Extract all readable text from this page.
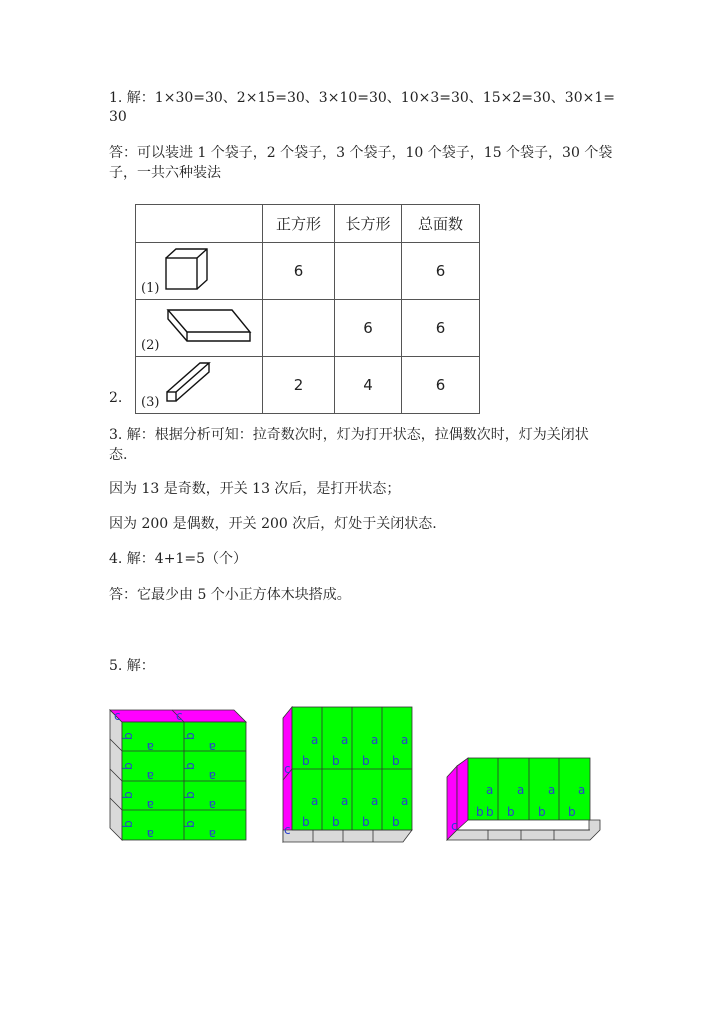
1. 解：1×30=30、2×15=30、3×10=30、10×3=30、15×2=30、30×1=
30
答：可以装进 1 个袋子，2 个袋子，3 个袋子，10 个袋子，15 个袋子，30 个袋
子，一共六种装法
2.
	正方形	长方形	总面数

(1)	6		6

(2)		6	6

(3)	2	4	6
3. 解：根据分析可知：拉奇数次时，灯为打开状态，拉偶数次时，灯为关闭状
态.
因为 13 是奇数，开关 13 次后，是打开状态；
因为 200 是偶数，开关 200 次后，灯处于关闭状态.
4. 解：4+1=5（个）
答：它最少由 5 个小正方体木块搭成。
5. 解：
c	c
b
a
b
a
b
a
b
a
b
a
b
a
b
a
b
a
c
c
a a a a
b b b b
a a a a
b b b b	c
a a a a
b
b b b b
